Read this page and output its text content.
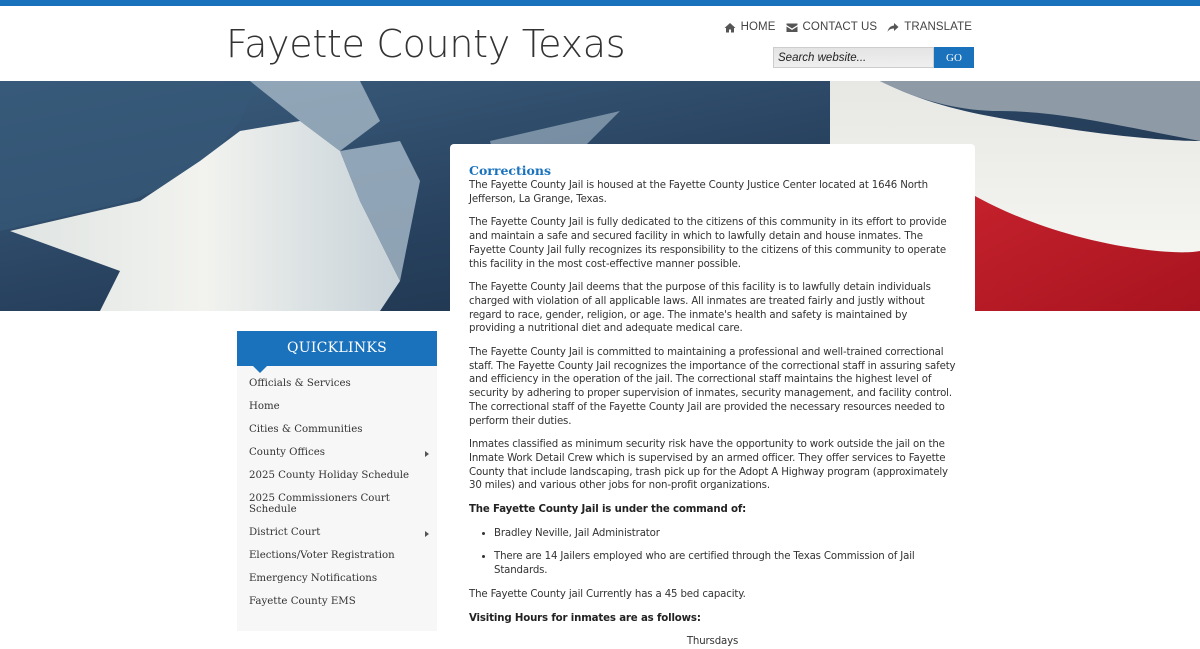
Fayette County Texas	HOME CONTACT US TRANSLATE
Search website...
GO
QUICKLINKS
Officials & Services
Home
Cities & Communities
County Offices
2025 County Holiday Schedule
2025 Commissioners Court Schedule
District Court
Elections/Voter Registration
Emergency Notifications
Fayette County EMS
Corrections

The Fayette County Jail is housed at the Fayette County Justice Center located at 1646 North Jefferson, La Grange, Texas.

The Fayette County Jail is fully dedicated to the citizens of this community in its effort to provide and maintain a safe and secured facility in which to lawfully detain and house inmates. The Fayette County Jail fully recognizes its responsibility to the citizens of this community to operate this facility in the most cost-effective manner possible.

The Fayette County Jail deems that the purpose of this facility is to lawfully detain individuals charged with violation of all applicable laws. All inmates are treated fairly and justly without regard to race, gender, religion, or age. The inmate's health and safety is maintained by providing a nutritional diet and adequate medical care.

The Fayette County Jail is committed to maintaining a professional and well-trained correctional staff. The Fayette County Jail recognizes the importance of the correctional staff in assuring safety and efficiency in the operation of the jail. The correctional staff maintains the highest level of security by adhering to proper supervision of inmates, security management, and facility control. The correctional staff of the Fayette County Jail are provided the necessary resources needed to perform their duties.

Inmates classified as minimum security risk have the opportunity to work outside the jail on the Inmate Work Detail Crew which is supervised by an armed officer. They offer services to Fayette County that include landscaping, trash pick up for the Adopt A Highway program (approximately 30 miles) and various other jobs for non-profit organizations.

The Fayette County Jail is under the command of:

• Bradley Neville, Jail Administrator
• There are 14 Jailers employed who are certified through the Texas Commission of Jail Standards.

The Fayette County jail Currently has a 45 bed capacity.

Visiting Hours for inmates are as follows:

Thursdays
